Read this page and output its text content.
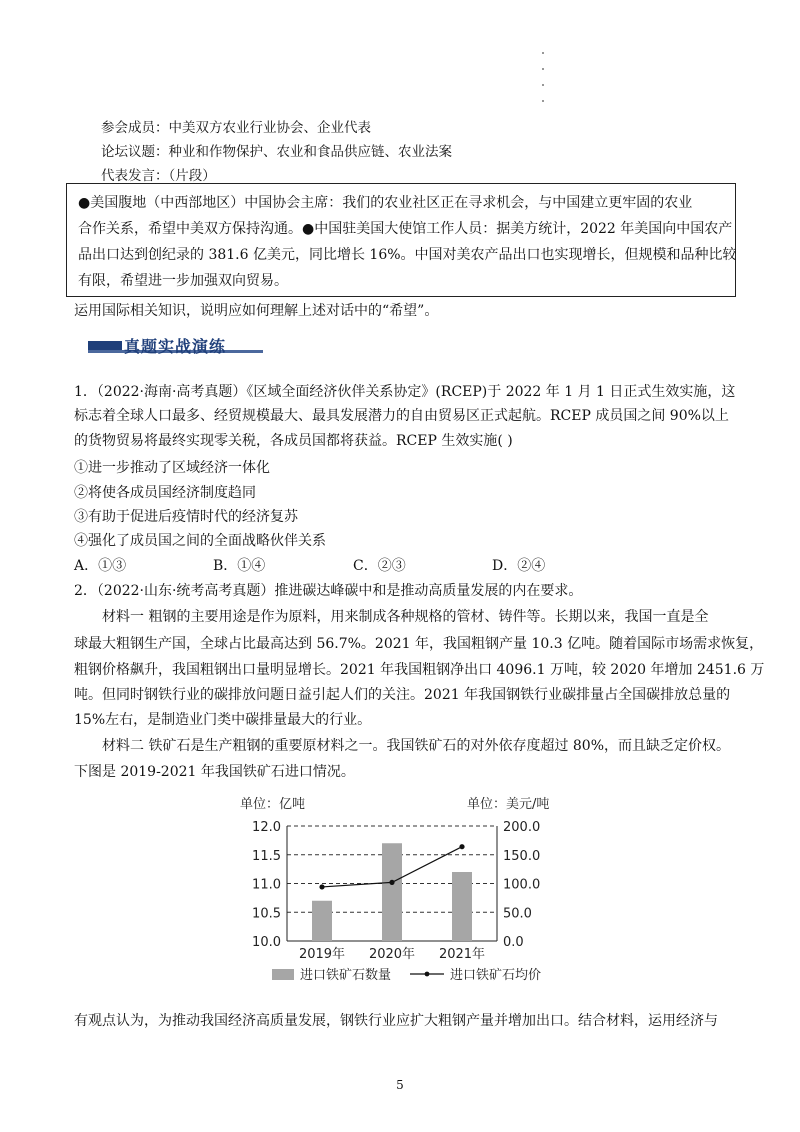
参会成员：中美双方农业行业协会、企业代表
论坛议题：种业和作物保护、农业和食品供应链、农业法案
代表发言：（片段）
●美国腹地（中西部地区）中国协会主席：我们的农业社区正在寻求机会，与中国建立更牢固的农业
合作关系，希望中美双方保持沟通。●中国驻美国大使馆工作人员：据美方统计，2022 年美国向中国农产
品出口达到创纪录的 381.6 亿美元，同比增长 16%。中国对美农产品出口也实现增长，但规模和品种比较
有限，希望进一步加强双向贸易。
运用国际相关知识，说明应如何理解上述对话中的“希望”。
真题实战演练
1．（2022·海南·高考真题）《区域全面经济伙伴关系协定》(RCEP)于 2022 年 1 月 1 日正式生效实施，这
标志着全球人口最多、经贸规模最大、最具发展潜力的自由贸易区正式起航。RCEP 成员国之间 90%以上
的货物贸易将最终实现零关税，各成员国都将获益。RCEP 生效实施( )
①进一步推动了区域经济一体化
②将使各成员国经济制度趋同
③有助于促进后疫情时代的经济复苏
④强化了成员国之间的全面战略伙伴关系
A．①③	B．①④	C．②③	D．②④
2．（2022·山东·统考高考真题）推进碳达峰碳中和是推动高质量发展的内在要求。
材料一 粗钢的主要用途是作为原料，用来制成各种规格的管材、铸件等。长期以来，我国一直是全
球最大粗钢生产国，全球占比最高达到 56.7%。2021 年，我国粗钢产量 10.3 亿吨。随着国际市场需求恢复，
粗钢价格飙升，我国粗钢出口量明显增长。2021 年我国粗钢净出口 4096.1 万吨，较 2020 年增加 2451.6 万
吨。但同时钢铁行业的碳排放问题日益引起人们的关注。2021 年我国钢铁行业碳排量占全国碳排放总量的
15%左右，是制造业门类中碳排量最大的行业。
材料二 铁矿石是生产粗钢的重要原材料之一。我国铁矿石的对外依存度超过 80%，而且缺乏定价权。
下图是 2019-2021 年我国铁矿石进口情况。
单位：亿吨	单位：美元/吨
12.0	200.0
11.5	150.0
11.0	100.0
10.5	50.0
10.0	0.0
2019年 2020年 2021年
进口铁矿石数量	进口铁矿石均价
有观点认为，为推动我国经济高质量发展，钢铁行业应扩大粗钢产量并增加出口。结合材料，运用经济与
5
